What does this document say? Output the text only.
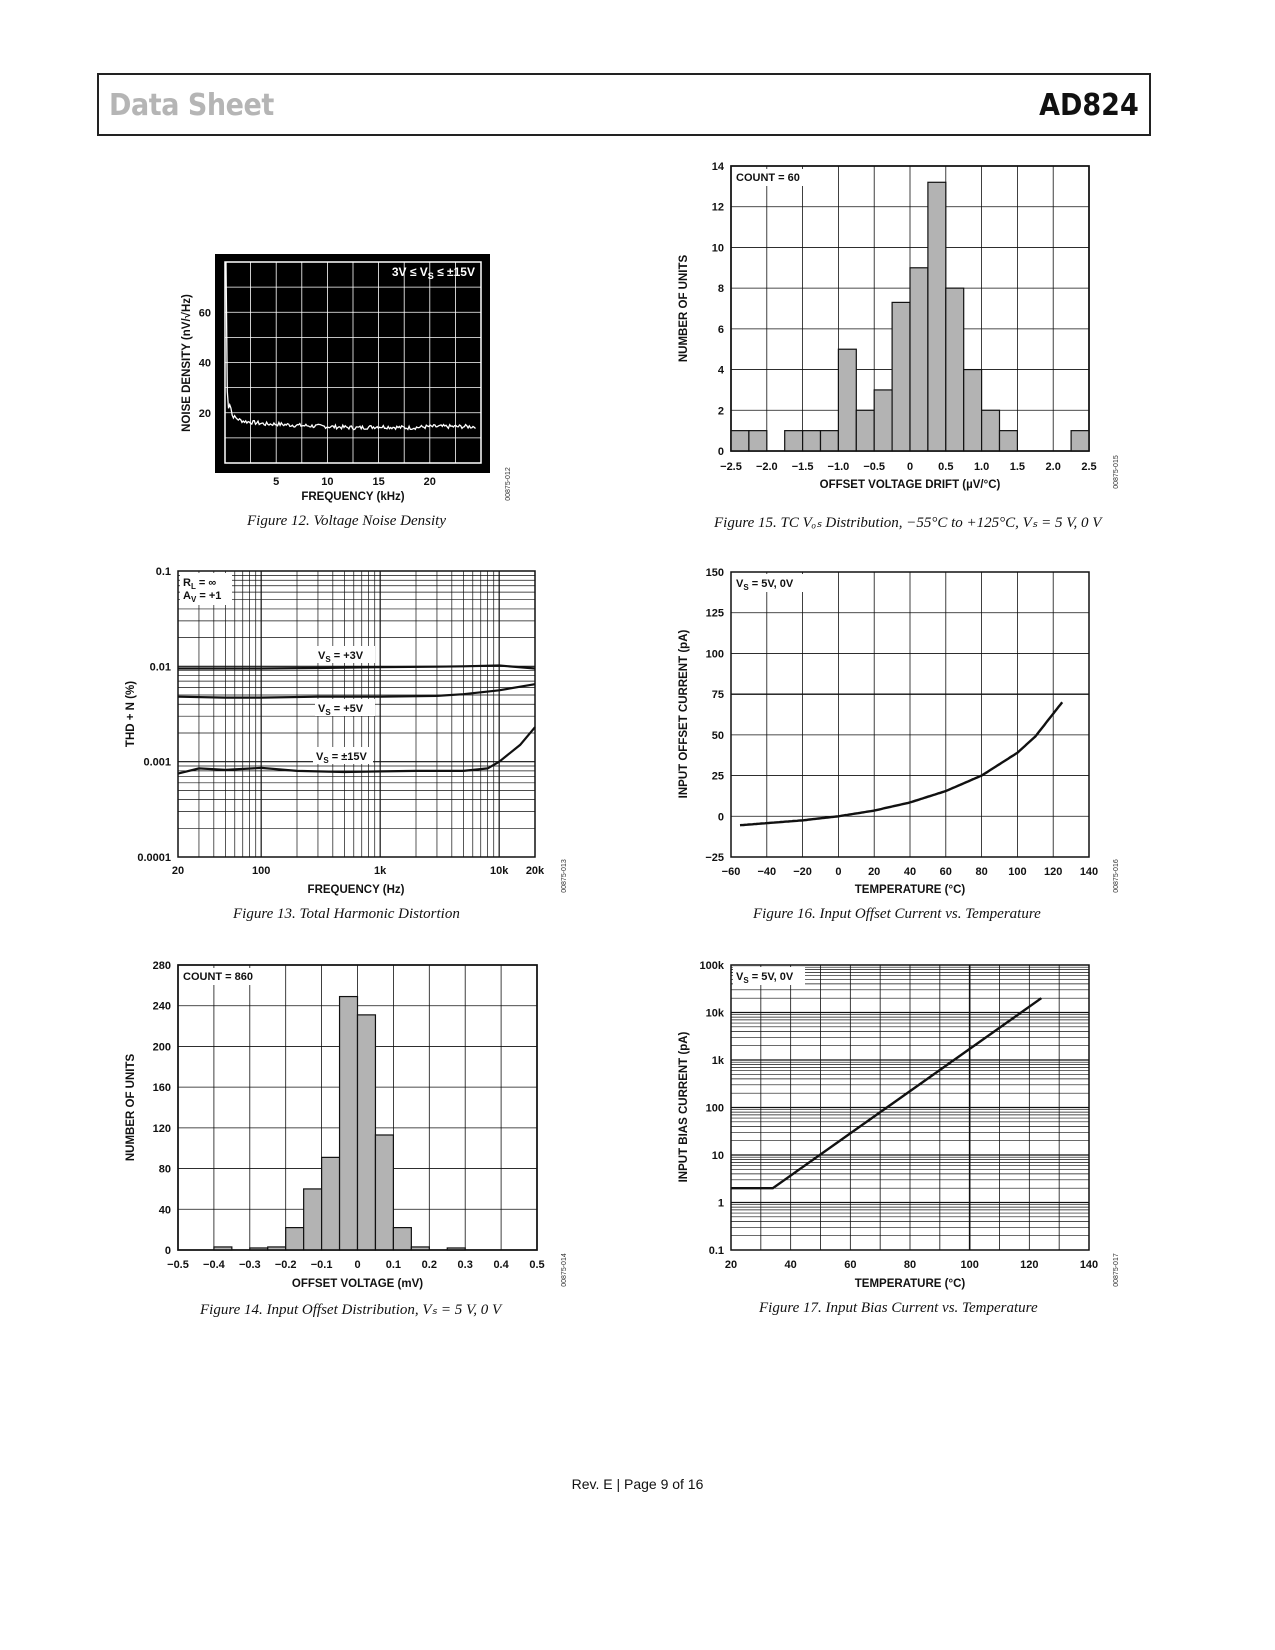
Data Sheet	AD824
5	10	15	20
20
40
60
FREQUENCY (kHz)
NOISE DENSITY (nV/√Hz)
$3V \le V_S \le \pm 15V$
00875-012
20	100	1k	10k 20k
0.1
0.01
0.001
0.0001
FREQUENCY (Hz)
THD + N (%)
$R_L$ = ∞
$A_V = +1$
$V_S = +3V$
$V_S = +5V$
$V_S = \pm 15V$
00875-013
−0.5 −0.4 −0.3 −0.2 −0.1 0 0.1 0.2 0.3 0.4 0.5
0
40
80
120
160
200
240
280
OFFSET VOLTAGE (mV)
NUMBER OF UNITS
COUNT = 860
00875-014
−2.5 −2.0 −1.5 −1.0 −0.5 0 0.5 1.0 1.5 2.0 2.5
0
2
4
6
8
10
12
14
OFFSET VOLTAGE DRIFT (µV/°C)
NUMBER OF UNITS
COUNT = 60
00875-015
−60 −40 −20 0 20 40 60 80 100 120 140
−25
0
25
50
75
100
125
150
TEMPERATURE (°C)
INPUT OFFSET CURRENT (pA)
$V_S = 5V$, 0V
00875-016
20	40	60	80	100	120	140
0.1
1
10
100
1k
10k
100k
TEMPERATURE (°C)
INPUT BIAS CURRENT (pA)
$V_S = 5V$, 0V
00875-017
Figure 12. Voltage Noise Density
Figure 13. Total Harmonic Distortion
Figure 14. Input Offset Distribution, Vₛ = 5 V, 0 V
Figure 15. TC Vₒₛ Distribution, −55°C to +125°C, Vₛ = 5 V, 0 V
Figure 16. Input Offset Current vs. Temperature
Figure 17. Input Bias Current vs. Temperature
Rev. E | Page 9 of 16
